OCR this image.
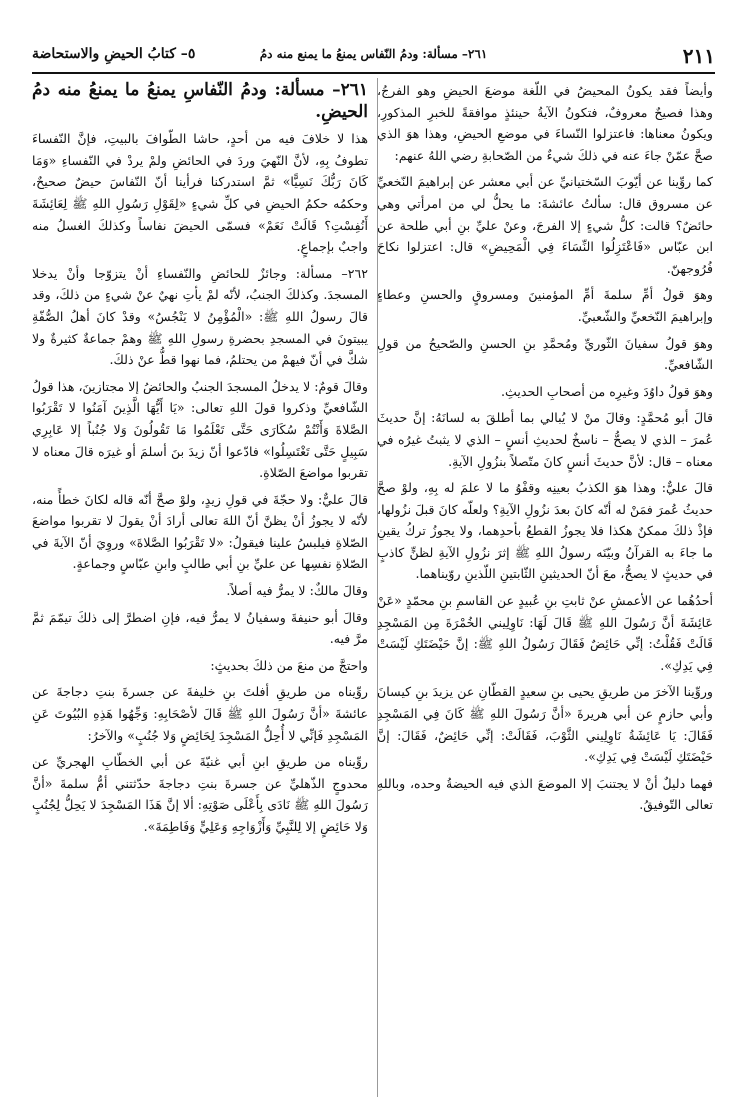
٢١١
٢٦١– مسألة: ودمُ النّفاس يمنعُ ما يمنع منه دمُ
٥– كتابُ الحيضِ والاستحاضة

وأيضاً فقد يكونُ المحيضُ في اللّغة موضعَ الحيضِ وهو الفرجُ، وهذا فصيحٌ معروفٌ، فتكونُ الآيةُ حينئذٍ موافقةً للخبرِ المذكورِ، ويكونُ معناها: فاعتزلوا النّساءَ في موضعِ الحيضِ، وهذا هوَ الذي صحَّ عمّنْ جاءَ عنه في ذلكَ شيءٌ من الصّحابةِ رضي اللهُ عنهم:

كما روِّينا عن أيّوبَ السّختيانيِّ عن أبي معشر عن إبراهيمَ النّخعيِّ عن مسروق قال: سألتُ عائشةَ: ما يحلُّ لي من امرأتي وهي حائضٌ؟ قالت: كلُّ شيءٍ إلا الفرجَ، وعنْ عليِّ بنِ أبي طلحة عن ابن عبّاس «فَاعْتَزِلُوا النِّسَاءَ فِي الْمَحِيضِ» قال: اعتزلوا نكاحَ فُرُوجهنّ.

وهوَ قولُ أمِّ سلمةَ أمِّ المؤمنينَ ومسروقٍ والحسنِ وعطاءٍ وإبراهيمَ النّخعيِّ والشّعبيِّ.

وهوَ قولُ سفيانَ الثّوريِّ ومُحمَّدِ بنِ الحسنِ والصّحيحُ من قولِ الشّافعيِّ.

وهوَ قولُ داوُدَ وغيرِه من أصحابِ الحديثِ.

قالَ أبو مُحمَّدٍ: وقالَ منْ لا يُبالي بما أطلقَ به لسانَهُ: إنَّ حديثَ عُمرَ – الذي لا يصحُّ – ناسخٌ لحديثِ أنسٍ – الذي لا يثبتُ غيرُه في معناه – قال: لأنَّ حديثَ أنسٍ كانَ متّصلاً بنزُولِ الآيةِ.

قالَ عليٌّ: وهذا هوَ الكذبُ بعينِه وقفْوُ ما لا علمَ له بِهِ، ولوْ صحَّ حديثُ عُمرَ فمَنْ له أنّه كانَ بعدَ نزُولِ الآيةِ؟ ولعلّه كانَ قبلَ نزُولها، فإذْ ذلكَ ممكنٌ هكذا فلا يجوزُ القطعُ بأحدِهما، ولا يجوزُ تركُ يقينِ ما جاءَ به القرآنُ وبيّنَه رسولُ اللهِ ﷺ إثرَ نزُولِ الآيةِ لظنٍّ كاذبٍ في حديثٍ لا يصحُّ، معَ أنّ الحديثينِ الثّابتينِ اللّذينِ روّيناهما.

أحدُهُما عن الأعمشِ عنْ ثابتِ بنِ عُبيدٍ عن القاسمِ بنِ محمّدٍ «عَنْ عَائِشَةَ أنَّ رَسُولَ اللهِ ﷺ قَالَ لَهَا: نَاوِلِيني الخُمْرَةَ مِن المَسْجِدِ قَالَتْ فَقُلْتُ: إنِّي حَائِضٌ فَقَالَ رَسُولُ اللهِ ﷺ: إنَّ حَيْضَتَكِ لَيْسَتْ فِي يَدِكِ».

وروِّينا الآخرَ من طريقِ يحيى بنِ سعيدٍ القطّانِ عن يزيدَ بنِ كيسانَ وأبي حازمٍ عن أبي هريرةَ «أنَّ رَسُولَ اللهِ ﷺ كَانَ فِي المَسْجِدِ فَقَالَ: يَا عَائِشَةُ نَاوِلِيني الثَّوْبَ، فَقَالَتْ: إنِّي حَائِضٌ، فَقَالَ: إنَّ حَيْضَتَكِ لَيْسَتْ فِي يَدِكِ».

فهما دليلٌ أنْ لا يجتنبَ إلا الموضعَ الذي فيه الحيضةُ وحده، وباللهِ تعالى التّوفيقُ.

٢٦١– مسألة: ودمُ النّفاسِ يمنعُ ما يمنعُ منه دمُ الحيضِ.

هذا لا خلافَ فيه من أحدٍ، حاشا الطّوافَ بالبيتِ، فإنَّ النّفساءَ تطوفُ بِهِ، لأنَّ النّهيَ وردَ في الحائضِ ولمْ يردْ في النّفساءِ «وَمَا كَانَ رَبُّكَ نَسِيًّا» ثمَّ استدركنا فرأينا أنّ النّفاسَ حيضٌ صحيحٌ، وحكمُه حكمُ الحيضِ في كلِّ شيءٍ «لِقَوْلِ رَسُولِ اللهِ ﷺ لِعَائِشَةَ أَنُفِسْتِ؟ قَالَتْ نَعَمْ» فسمّى الحيضَ نفاساً وكذلكَ الغسلُ منه واجبٌ بإجماعٍ.

٢٦٢– مسألة: وجائزٌ للحائضِ والنّفساءِ أنْ يتزوّجا وأنْ يدخلا المسجدَ. وكذلكَ الجنبُ، لأنّه لمْ يأتِ نهيٌ عنْ شيءٍ من ذلكَ، وقد قالَ رسولُ اللهِ ﷺ: «الْمُؤْمِنُ لا يَنْجُسُ» وقدْ كانَ أهلُ الصُّفّةِ يبيتونَ في المسجدِ بحضرةِ رسولِ اللهِ ﷺ وهمْ جماعةٌ كثيرةٌ ولا شكَّ في أنّ فيهمْ من يحتلمُ، فما نهوا قطُّ عنْ ذلكَ.

وقالَ قومٌ: لا يدخلُ المسجدَ الجنبُ والحائضُ إلا مجتازينَ، هذا قولُ الشّافعيِّ وذكروا قولَ اللهِ تعالى: «يَا أَيُّهَا الَّذِينَ آمَنُوا لا تَقْرَبُوا الصَّلاةَ وَأَنْتُمْ سُكَارَى حَتَّى تَعْلَمُوا مَا تَقُولُونَ وَلا جُنُباً إلا عَابِرِي سَبِيلٍ حَتَّى تَغْتَسِلُوا» فادّعوا أنّ زيدَ بنَ أسلمَ أو غيرَه قالَ معناه لا تقربوا مواضعَ الصّلاةِ.

قالَ عليٌّ: ولا حجّةَ في قولِ زيدٍ، ولوْ صحَّ أنّه قاله لكانَ خطأً منه، لأنّه لا يجوزُ أنْ يظنَّ أنّ اللهَ تعالى أرادَ أنْ يقولَ لا تقربوا مواضعَ الصّلاةِ فيلبسُ علينا فيقولُ: «لا تَقْرَبُوا الصَّلاةَ» وروِيَ أنّ الآيةَ في الصّلاةِ نفسِها عن عليِّ بنِ أبي طالبٍ وابنِ عبّاسٍ وجماعةٍ.

وقالَ مالكٌ: لا يمرُّ فيه أصلاً.

وقالَ أبو حنيفةَ وسفيانُ لا يمرُّ فيه، فإنِ اضطرَّ إلى ذلكَ تيمّمَ ثمَّ مرَّ فيه.

واحتجَّ من منعَ من ذلكَ بحديثٍ:

روِّيناه من طريقِ أفلتَ بنِ خليفةَ عن جسرةَ بنتِ دجاجةَ عن عائشةَ «أنَّ رَسُولَ اللهِ ﷺ قَالَ لأصْحَابِهِ: وَجِّهُوا هَذِهِ البُيُوتَ عَنِ المَسْجِدِ فَإنِّي لا أُحِلُّ المَسْجِدَ لِحَائِضٍ وَلا جُنُبٍ» والآخرُ:

روِّيناه من طريقِ ابنِ أبي غنيّةَ عن أبي الخطّابِ الهجريِّ عن محدوجٍ الذّهليِّ عن جسرةَ بنتِ دجاجةَ حدّثتني أمُّ سلمةَ «أنَّ رَسُولَ اللهِ ﷺ نَادَى بِأَعْلَى صَوْتِهِ: ألا إنَّ هَذَا المَسْجِدَ لا يَحِلُّ لِجُنُبٍ وَلا حَائِضٍ إلا لِلنَّبِيِّ وَأَزْوَاجِهِ وَعَلِيٍّ وَفَاطِمَةَ».
